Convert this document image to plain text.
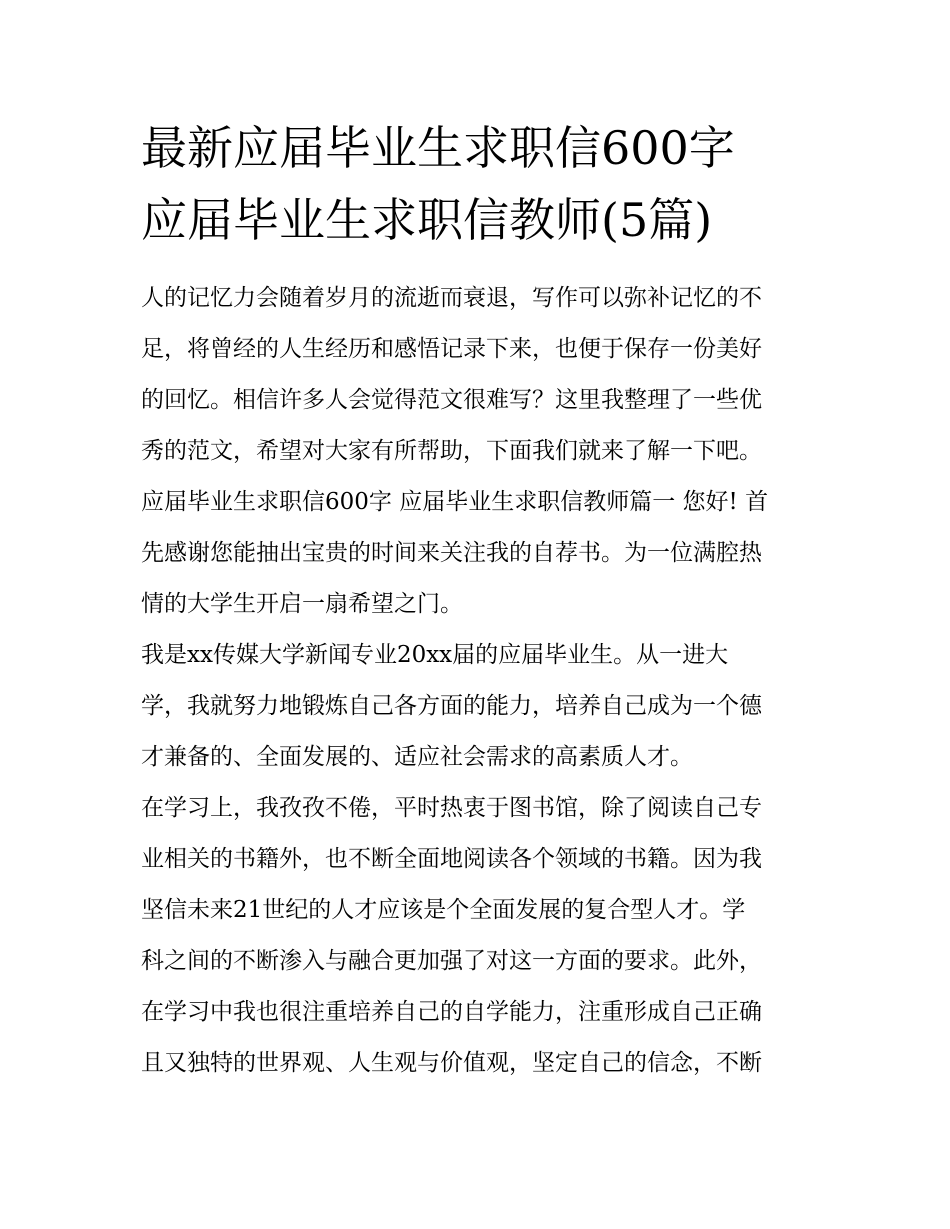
最新应届毕业生求职信600字
应届毕业生求职信教师(5篇)

人的记忆力会随着岁月的流逝而衰退，写作可以弥补记忆的不
足，将曾经的人生经历和感悟记录下来，也便于保存一份美好
的回忆。相信许多人会觉得范文很难写？这里我整理了一些优
秀的范文，希望对大家有所帮助，下面我们就来了解一下吧。

应届毕业生求职信600字 应届毕业生求职信教师篇一 您好! 首
先感谢您能抽出宝贵的时间来关注我的自荐书。为一位满腔热
情的大学生开启一扇希望之门。

我是xx传媒大学新闻专业20xx届的应届毕业生。从一进大
学，我就努力地锻炼自己各方面的能力，培养自己成为一个德
才兼备的、全面发展的、适应社会需求的高素质人才。

在学习上，我孜孜不倦，平时热衷于图书馆，除了阅读自己专
业相关的书籍外，也不断全面地阅读各个领域的书籍。因为我
坚信未来21世纪的人才应该是个全面发展的复合型人才。学
科之间的不断渗入与融合更加强了对这一方面的要求。此外，
在学习中我也很注重培养自己的自学能力，注重形成自己正确
且又独特的世界观、人生观与价值观，坚定自己的信念，不断
